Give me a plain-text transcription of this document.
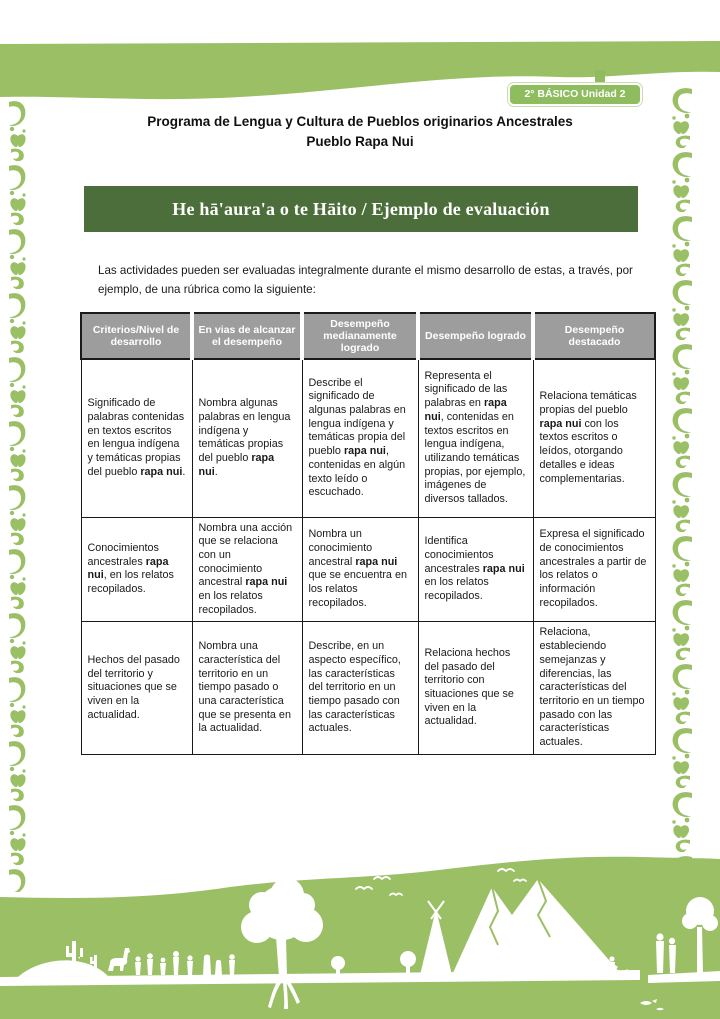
2° BÁSICO Unidad 2
Programa de Lengua y Cultura de Pueblos originarios Ancestrales
Pueblo Rapa Nui
He hā'aura'a o te Hāito / Ejemplo de evaluación
Las actividades pueden ser evaluadas integralmente durante el mismo desarrollo de estas, a través, por ejemplo, de una rúbrica como la siguiente:
Criterios/Nivel de desarrollo	En vias de alcanzar el desempeño	Desempeño medianamente logrado	Desempeño logrado	Desempeño destacado
Significado de palabras contenidas en textos escritos en lengua indígena y temáticas propias del pueblo rapa nui.	Nombra algunas palabras en lengua indígena y temáticas propias del pueblo rapa nui.	Describe el significado de algunas palabras en lengua indígena y temáticas propia del pueblo rapa nui, contenidas en algún texto leído o escuchado.	Representa el significado de las palabras en rapa nui, contenidas en textos escritos en lengua indígena, utilizando temáticas propias, por ejemplo, imágenes de diversos tallados.	Relaciona temáticas propias del pueblo rapa nui con los textos escritos o leídos, otorgando detalles e ideas complementarias.
Conocimientos ancestrales rapa nui, en los relatos recopilados.	Nombra una acción que se relaciona con un conocimiento ancestral rapa nui en los relatos recopilados.	Nombra un conocimiento ancestral rapa nui que se encuentra en los relatos recopilados.	Identifica conocimientos ancestrales rapa nui en los relatos recopilados.	Expresa el significado de conocimientos ancestrales a partir de los relatos o información recopilados.
Hechos del pasado del territorio y situaciones que se viven en la actualidad.	Nombra una característica del territorio en un tiempo pasado o una característica que se presenta en la actualidad.	Describe, en un aspecto específico, las características del territorio en un tiempo pasado con las características actuales.	Relaciona hechos del pasado del territorio con situaciones que se viven en la actualidad.	Relaciona, estableciendo semejanzas y diferencias, las características del territorio en un tiempo pasado con las características actuales.
